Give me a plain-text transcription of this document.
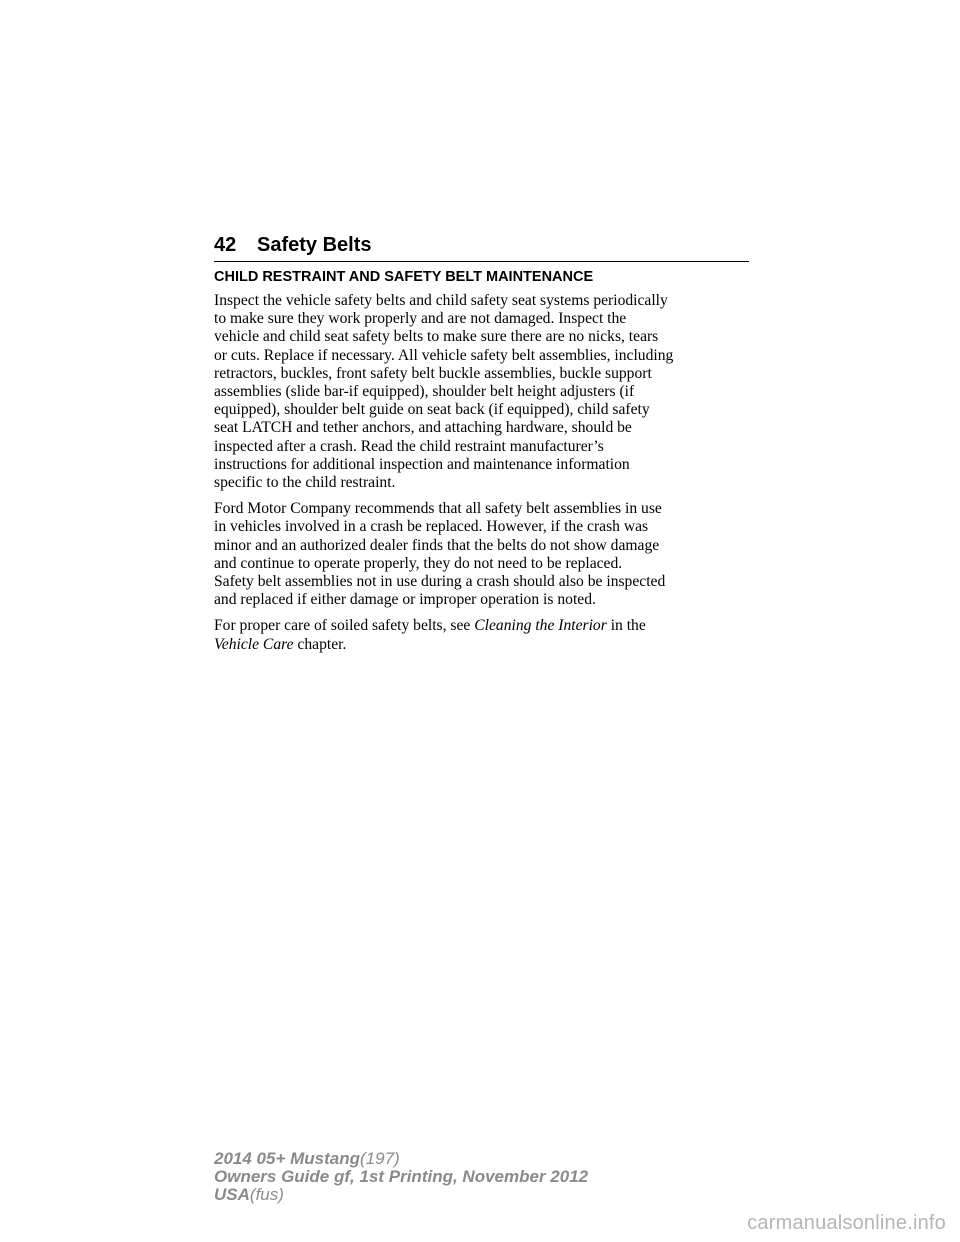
42 Safety Belts
CHILD RESTRAINT AND SAFETY BELT MAINTENANCE
Inspect the vehicle safety belts and child safety seat systems periodically
to make sure they work properly and are not damaged. Inspect the
vehicle and child seat safety belts to make sure there are no nicks, tears
or cuts. Replace if necessary. All vehicle safety belt assemblies, including
retractors, buckles, front safety belt buckle assemblies, buckle support
assemblies (slide bar-if equipped), shoulder belt height adjusters (if
equipped), shoulder belt guide on seat back (if equipped), child safety
seat LATCH and tether anchors, and attaching hardware, should be
inspected after a crash. Read the child restraint manufacturer’s
instructions for additional inspection and maintenance information
specific to the child restraint.
Ford Motor Company recommends that all safety belt assemblies in use
in vehicles involved in a crash be replaced. However, if the crash was
minor and an authorized dealer finds that the belts do not show damage
and continue to operate properly, they do not need to be replaced.
Safety belt assemblies not in use during a crash should also be inspected
and replaced if either damage or improper operation is noted.
For proper care of soiled safety belts, see Cleaning the Interior in the
Vehicle Care chapter.
2014 05+ Mustang(197)
Owners Guide gf, 1st Printing, November 2012
USA(fus)
carmanualsonline.info
